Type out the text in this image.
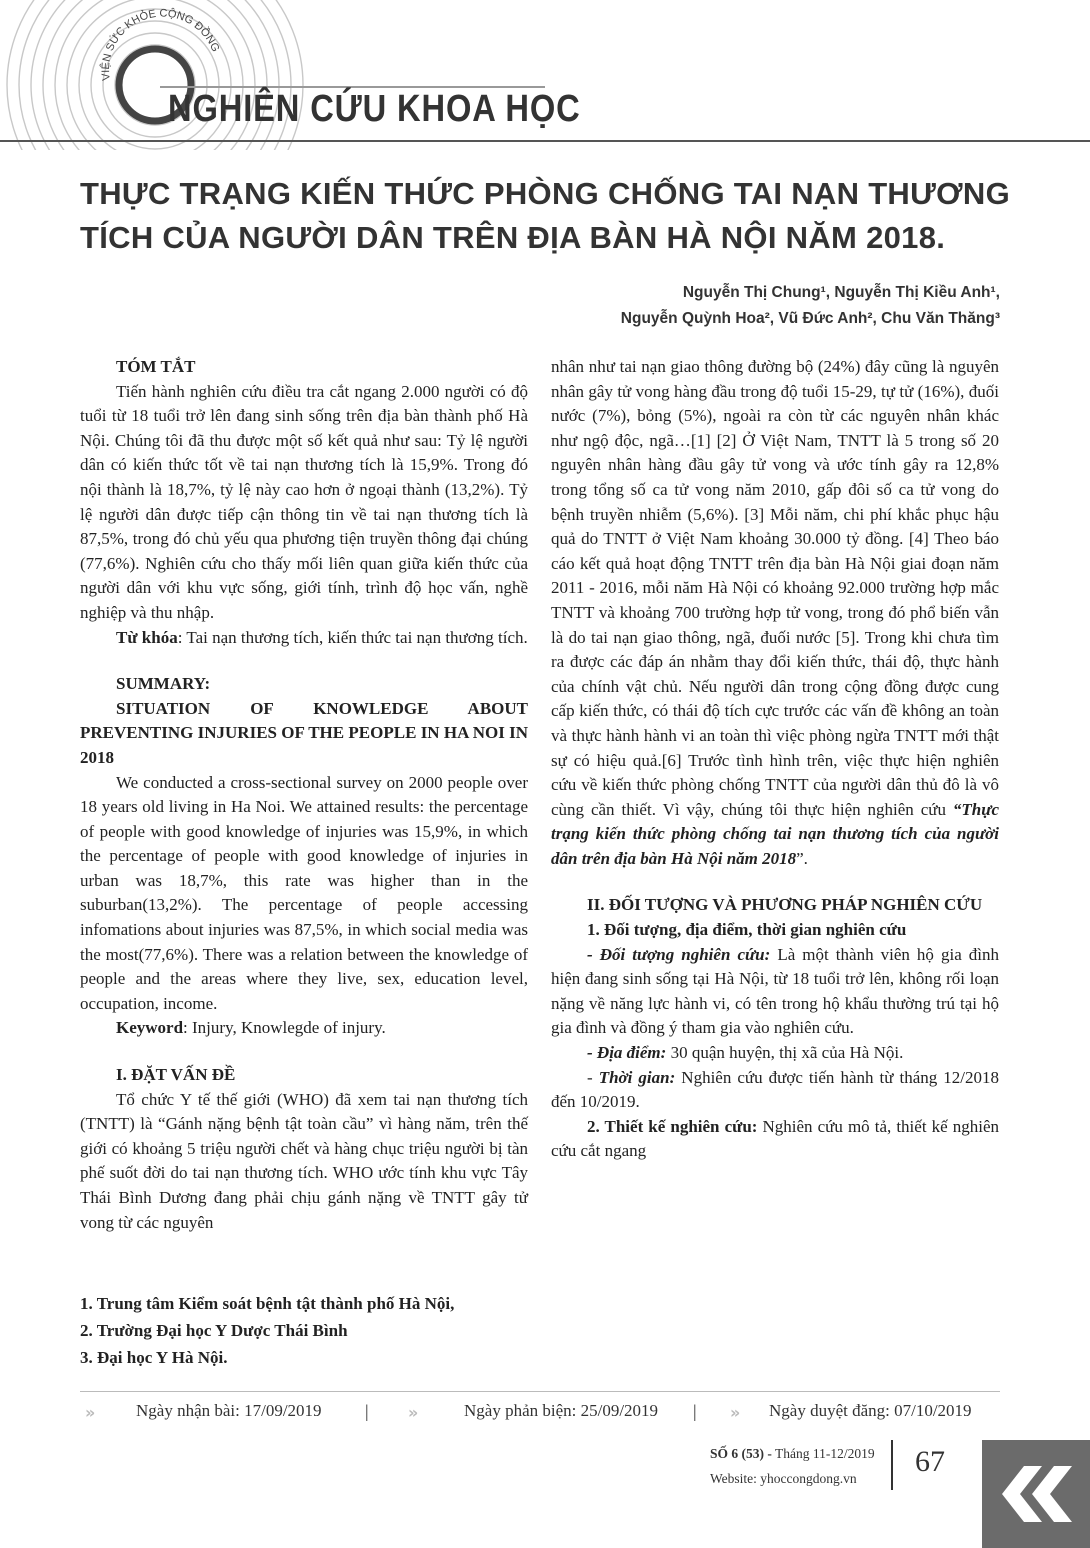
VIỆN SỨC KHỎE CỘNG ĐỒNG
NGHIÊN CỨU KHOA HỌC
THỰC TRẠNG KIẾN THỨC PHÒNG CHỐNG TAI NẠN THƯƠNG
TÍCH CỦA NGƯỜI DÂN TRÊN ĐỊA BÀN HÀ NỘI NĂM 2018.
Nguyễn Thị Chung¹, Nguyễn Thị Kiều Anh¹,
Nguyễn Quỳnh Hoa², Vũ Đức Anh², Chu Văn Thăng³

TÓM TẮT

Tiến hành nghiên cứu điều tra cắt ngang 2.000 người có độ tuổi từ 18 tuổi trở lên đang sinh sống trên địa bàn thành phố Hà Nội. Chúng tôi đã thu được một số kết quả như sau: Tỷ lệ người dân có kiến thức tốt về tai nạn thương tích là 15,9%. Trong đó nội thành là 18,7%, tỷ lệ này cao hơn ở ngoại thành (13,2%). Tỷ lệ người dân được tiếp cận thông tin về tai nạn thương tích là 87,5%, trong đó chủ yếu qua phương tiện truyền thông đại chúng (77,6%). Nghiên cứu cho thấy mối liên quan giữa kiến thức của người dân với khu vực sống, giới tính, trình độ học vấn, nghề nghiệp và thu nhập.

Từ khóa: Tai nạn thương tích, kiến thức tai nạn thương tích.

SUMMARY:

SITUATION OF KNOWLEDGE ABOUT PREVENTING INJURIES OF THE PEOPLE IN HA NOI IN 2018

We conducted a cross-sectional survey on 2000 people over 18 years old living in Ha Noi. We attained results: the percentage of people with good knowledge of injuries was 15,9%, in which the percentage of people with good knowledge of injuries in urban was 18,7%, this rate was higher than in the suburban(13,2%). The percentage of people accessing infomations about injuries was 87,5%, in which social media was the most(77,6%). There was a relation between the knowledge of people and the areas where they live, sex, education level, occupation, income.

Keyword: Injury, Knowlegde of injury.

I. ĐẶT VẤN ĐỀ

Tổ chức Y tế thế giới (WHO) đã xem tai nạn thương tích (TNTT) là “Gánh nặng bệnh tật toàn cầu” vì hàng năm, trên thế giới có khoảng 5 triệu người chết và hàng chục triệu người bị tàn phế suốt đời do tai nạn thương tích. WHO ước tính khu vực Tây Thái Bình Dương đang phải chịu gánh nặng về TNTT gây tử vong từ các nguyên

nhân như tai nạn giao thông đường bộ (24%) đây cũng là nguyên nhân gây tử vong hàng đầu trong độ tuổi 15-29, tự tử (16%), đuối nước (7%), bỏng (5%), ngoài ra còn từ các nguyên nhân khác như ngộ độc, ngã…[1] [2] Ở Việt Nam, TNTT là 5 trong số 20 nguyên nhân hàng đầu gây tử vong và ước tính gây ra 12,8% trong tổng số ca tử vong năm 2010, gấp đôi số ca tử vong do bệnh truyền nhiễm (5,6%). [3] Mỗi năm, chi phí khắc phục hậu quả do TNTT ở Việt Nam khoảng 30.000 tỷ đồng. [4] Theo báo cáo kết quả hoạt động TNTT trên địa bàn Hà Nội giai đoạn năm 2011 - 2016, mỗi năm Hà Nội có khoảng 92.000 trường hợp mắc TNTT và khoảng 700 trường hợp tử vong, trong đó phổ biến vẫn là do tai nạn giao thông, ngã, đuối nước [5]. Trong khi chưa tìm ra được các đáp án nhằm thay đổi kiến thức, thái độ, thực hành của chính vật chủ. Nếu người dân trong cộng đồng được cung cấp kiến thức, có thái độ tích cực trước các vấn đề không an toàn và thực hành hành vi an toàn thì việc phòng ngừa TNTT mới thật sự có hiệu quả.[6] Trước tình hình trên, việc thực hiện nghiên cứu về kiến thức phòng chống TNTT của người dân thủ đô là vô cùng cần thiết. Vì vậy, chúng tôi thực hiện nghiên cứu “Thực trạng kiến thức phòng chống tai nạn thương tích của người dân trên địa bàn Hà Nội năm 2018”.

II. ĐỐI TƯỢNG VÀ PHƯƠNG PHÁP NGHIÊN CỨU

1. Đối tượng, địa điểm, thời gian nghiên cứu

- Đối tượng nghiên cứu: Là một thành viên hộ gia đình hiện đang sinh sống tại Hà Nội, từ 18 tuổi trở lên, không rối loạn nặng về năng lực hành vi, có tên trong hộ khẩu thường trú tại hộ gia đình và đồng ý tham gia vào nghiên cứu.

- Địa điểm: 30 quận huyện, thị xã của Hà Nội.

- Thời gian: Nghiên cứu được tiến hành từ tháng 12/2018 đến 10/2019.

2. Thiết kế nghiên cứu: Nghiên cứu mô tả, thiết kế nghiên cứu cắt ngang

1. Trung tâm Kiểm soát bệnh tật thành phố Hà Nội,

2. Trường Đại học Y Dược Thái Bình

3. Đại học Y Hà Nội.

»	Ngày nhận bài: 17/09/2019 | »	Ngày phản biện: 25/09/2019 | » Ngày duyệt đăng: 07/10/2019
SỐ 6 (53) - Tháng 11-12/2019
Website: yhoccongdong.vn
67
